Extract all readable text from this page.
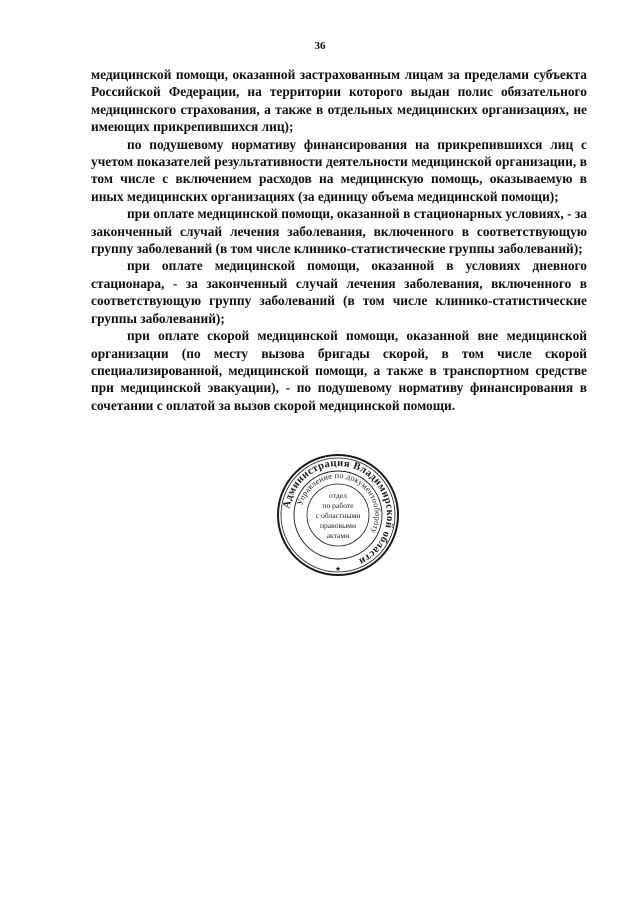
36

медицинской помощи, оказанной застрахованным лицам за пределами субъекта Российской Федерации, на территории которого выдан полис обязательного медицинского страхования, а также в отдельных медицинских организациях, не имеющих прикрепившихся лиц);

по подушевому нормативу финансирования на прикрепившихся лиц с учетом показателей результативности деятельности медицинской организации, в том числе с включением расходов на медицинскую помощь, оказываемую в иных медицинских организациях (за единицу объема медицинской помощи);

при оплате медицинской помощи, оказанной в стационарных условиях, - за законченный случай лечения заболевания, включенного в соответствующую группу заболеваний (в том числе клинико-статистические группы заболеваний);

при оплате медицинской помощи, оказанной в условиях дневного стационара, - за законченный случай лечения заболевания, включенного в соответствующую группу заболеваний (в том числе клинико-статистические группы заболеваний);

при оплате скорой медицинской помощи, оказанной вне медицинской организации (по месту вызова бригады скорой, в том числе скорой специализированной, медицинской помощи, а также в транспортном средстве при медицинской эвакуации), - по подушевому нормативу финансирования в сочетании с оплатой за вызов скорой медицинской помощи.

Администрация Владимирской области
Управление по документообороту
отдел
по работе
с областными
правовыми
актами
★
